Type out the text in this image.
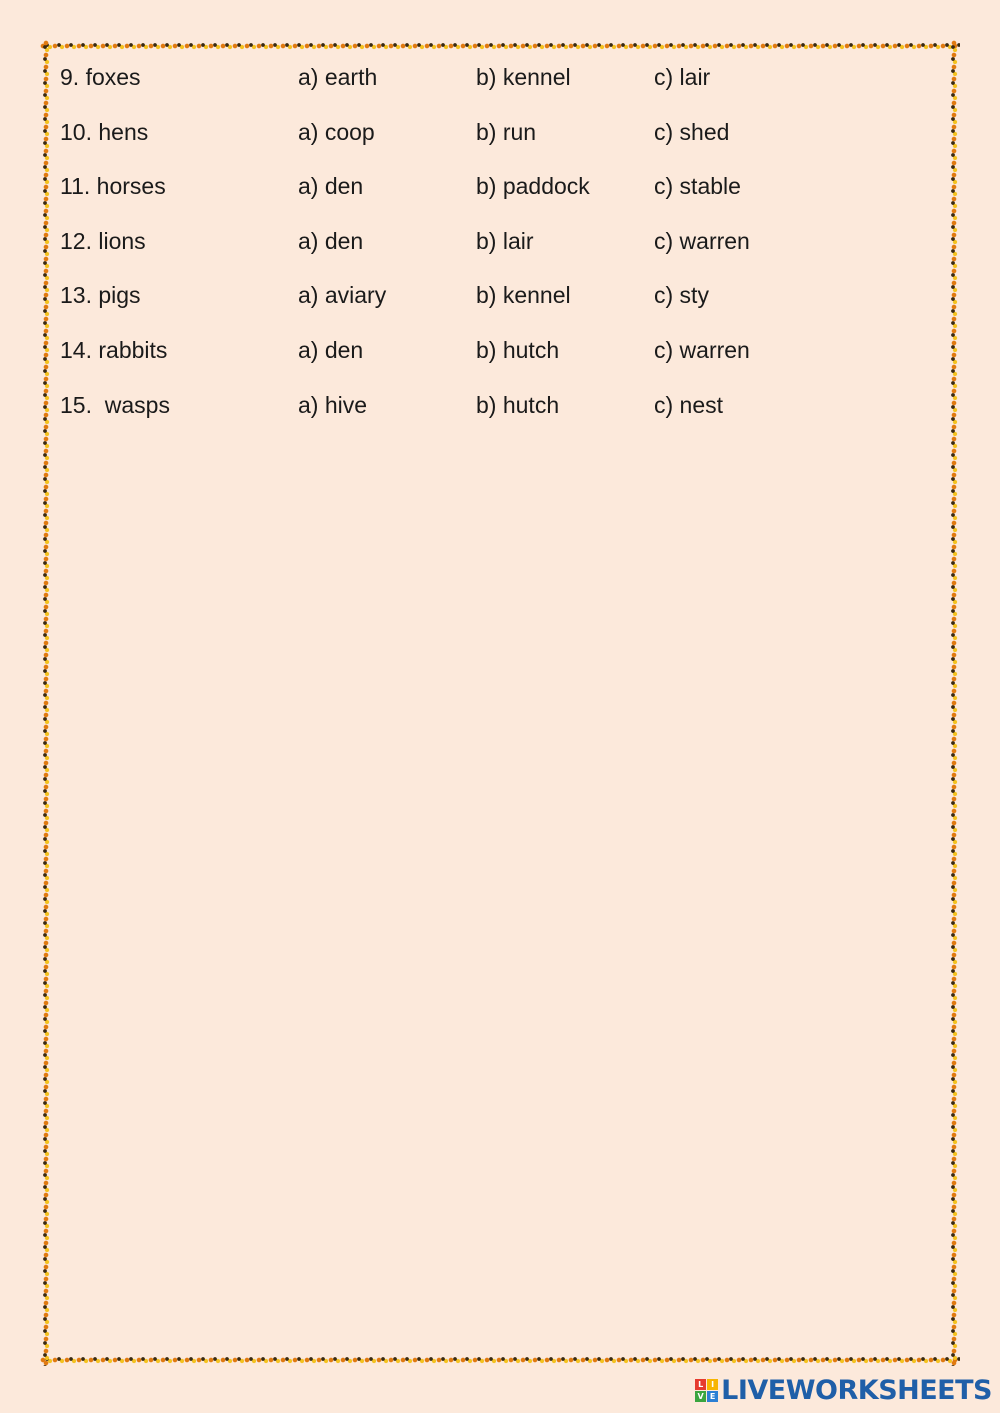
9. foxes	a) earth	b) kennel	c) lair
10. hens	a) coop	b) run	c) shed
11. horses	a) den	b) paddock	c) stable
12. lions	a) den	b) lair	c) warren
13. pigs	a) aviary	b) kennel	c) sty
14. rabbits	a) den	b) hutch	c) warren
15.  wasps	a) hive	b) hutch	c) nest
L I
V E LIVEWORKSHEETS
